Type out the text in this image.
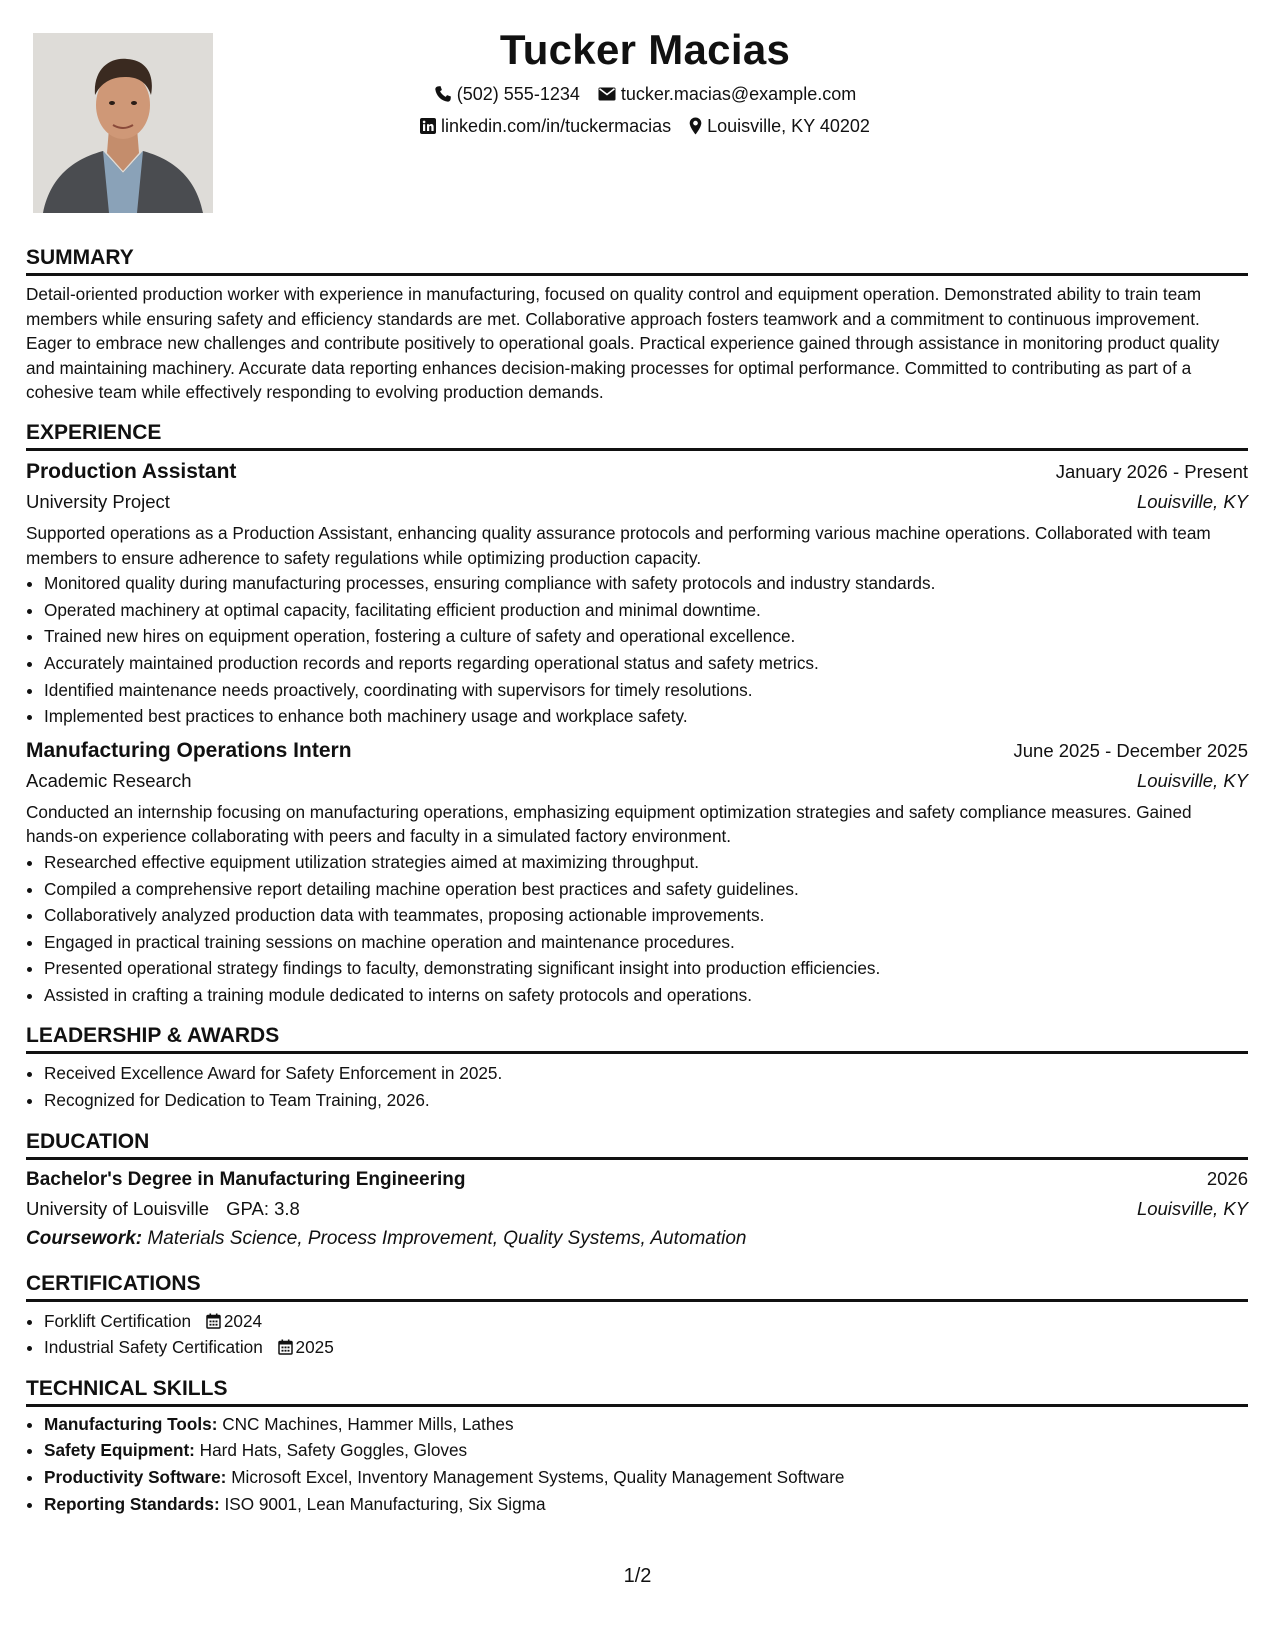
Tucker Macias
(502) 555-1234 tucker.macias@example.com
linkedin.com/in/tuckermacias Louisville, KY 40202
SUMMARY

Detail-oriented production worker with experience in manufacturing, focused on quality control and equipment operation. Demonstrated ability to train team members while ensuring safety and efficiency standards are met. Collaborative approach fosters teamwork and a commitment to continuous improvement. Eager to embrace new challenges and contribute positively to operational goals. Practical experience gained through assistance in monitoring product quality and maintaining machinery. Accurate data reporting enhances decision-making processes for optimal performance. Committed to contributing as part of a cohesive team while effectively responding to evolving production demands.

EXPERIENCE
Production Assistant	January 2026 - Present
University Project	Louisville, KY

Supported operations as a Production Assistant, enhancing quality assurance protocols and performing various machine operations. Collaborated with team members to ensure adherence to safety regulations while optimizing production capacity.

• Monitored quality during manufacturing processes, ensuring compliance with safety protocols and industry standards.
• Operated machinery at optimal capacity, facilitating efficient production and minimal downtime.
• Trained new hires on equipment operation, fostering a culture of safety and operational excellence.
• Accurately maintained production records and reports regarding operational status and safety metrics.
• Identified maintenance needs proactively, coordinating with supervisors for timely resolutions.
• Implemented best practices to enhance both machinery usage and workplace safety.
Manufacturing Operations Intern	June 2025 - December 2025
Academic Research	Louisville, KY

Conducted an internship focusing on manufacturing operations, emphasizing equipment optimization strategies and safety compliance measures. Gained hands-on experience collaborating with peers and faculty in a simulated factory environment.

• Researched effective equipment utilization strategies aimed at maximizing throughput.
• Compiled a comprehensive report detailing machine operation best practices and safety guidelines.
• Collaboratively analyzed production data with teammates, proposing actionable improvements.
• Engaged in practical training sessions on machine operation and maintenance procedures.
• Presented operational strategy findings to faculty, demonstrating significant insight into production efficiencies.
• Assisted in crafting a training module dedicated to interns on safety protocols and operations.
LEADERSHIP & AWARDS
• Received Excellence Award for Safety Enforcement in 2025.
• Recognized for Dedication to Team Training, 2026.
EDUCATION
Bachelor's Degree in Manufacturing Engineering	2026
University of Louisville GPA: 3.8	Louisville, KY
Coursework: Materials Science, Process Improvement, Quality Systems, Automation
CERTIFICATIONS
• Forklift Certification 2024
• Industrial Safety Certification 2025
TECHNICAL SKILLS
• Manufacturing Tools: CNC Machines, Hammer Mills, Lathes
• Safety Equipment: Hard Hats, Safety Goggles, Gloves
• Productivity Software: Microsoft Excel, Inventory Management Systems, Quality Management Software
• Reporting Standards: ISO 9001, Lean Manufacturing, Six Sigma
1/2
